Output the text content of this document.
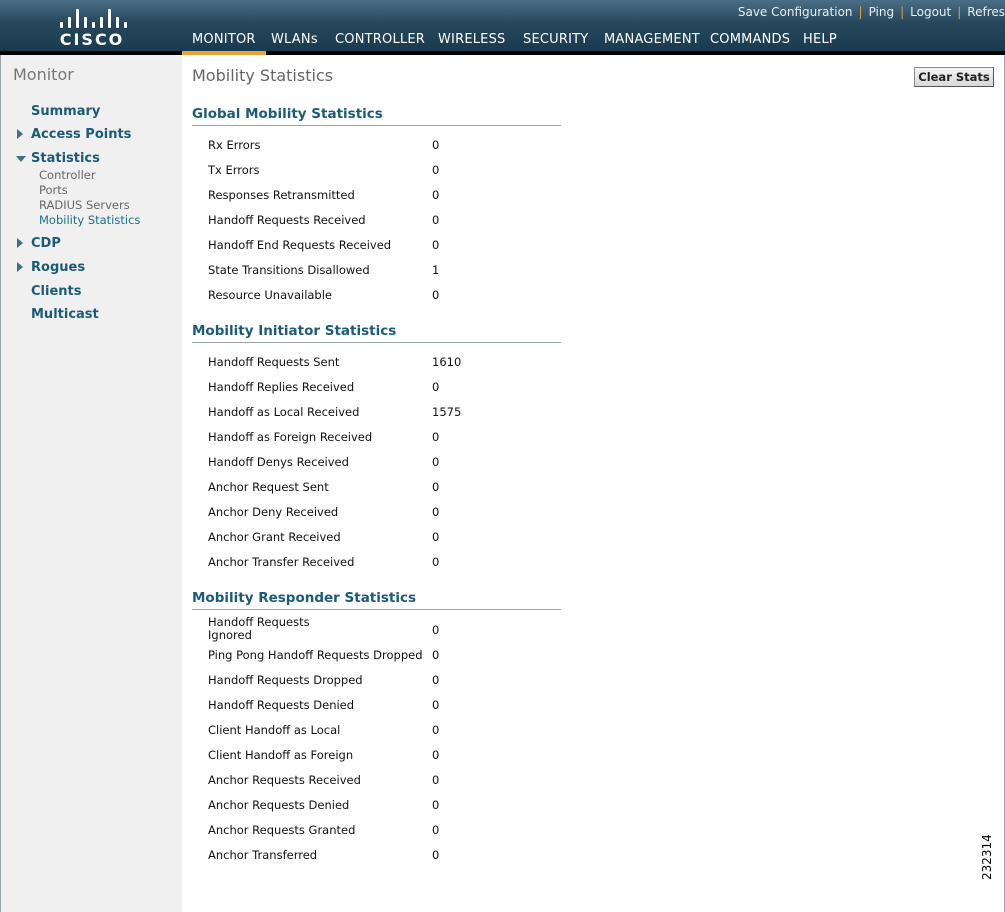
CISCO
Save Configuration | Ping | Logout | Refres
MONITOR	WLANs	CONTROLLER	WIRELESS	SECURITY	MANAGEMENT COMMANDS HELP
Monitor
Summary
Access Points
Statistics
Controller
Ports
RADIUS Servers
Mobility Statistics
CDP
Rogues
Clients
Multicast
Mobility Statistics	Clear Stats
Global Mobility Statistics
Rx Errors	0
Tx Errors	0
Responses Retransmitted	0
Handoff Requests Received	0
Handoff End Requests Received	0
State Transitions Disallowed	1
Resource Unavailable	0
Mobility Initiator Statistics
Handoff Requests Sent	1610
Handoff Replies Received	0
Handoff as Local Received	1575
Handoff as Foreign Received	0
Handoff Denys Received	0
Anchor Request Sent	0
Anchor Deny Received	0
Anchor Grant Received	0
Anchor Transfer Received	0
Mobility Responder Statistics
Handoff Requests Ignored	0
Ping Pong Handoff Requests Dropped 0
Handoff Requests Dropped	0
Handoff Requests Denied	0
Client Handoff as Local	0
Client Handoff as Foreign	0
Anchor Requests Received	0
Anchor Requests Denied	0
Anchor Requests Granted	0
Anchor Transferred	0	232314
